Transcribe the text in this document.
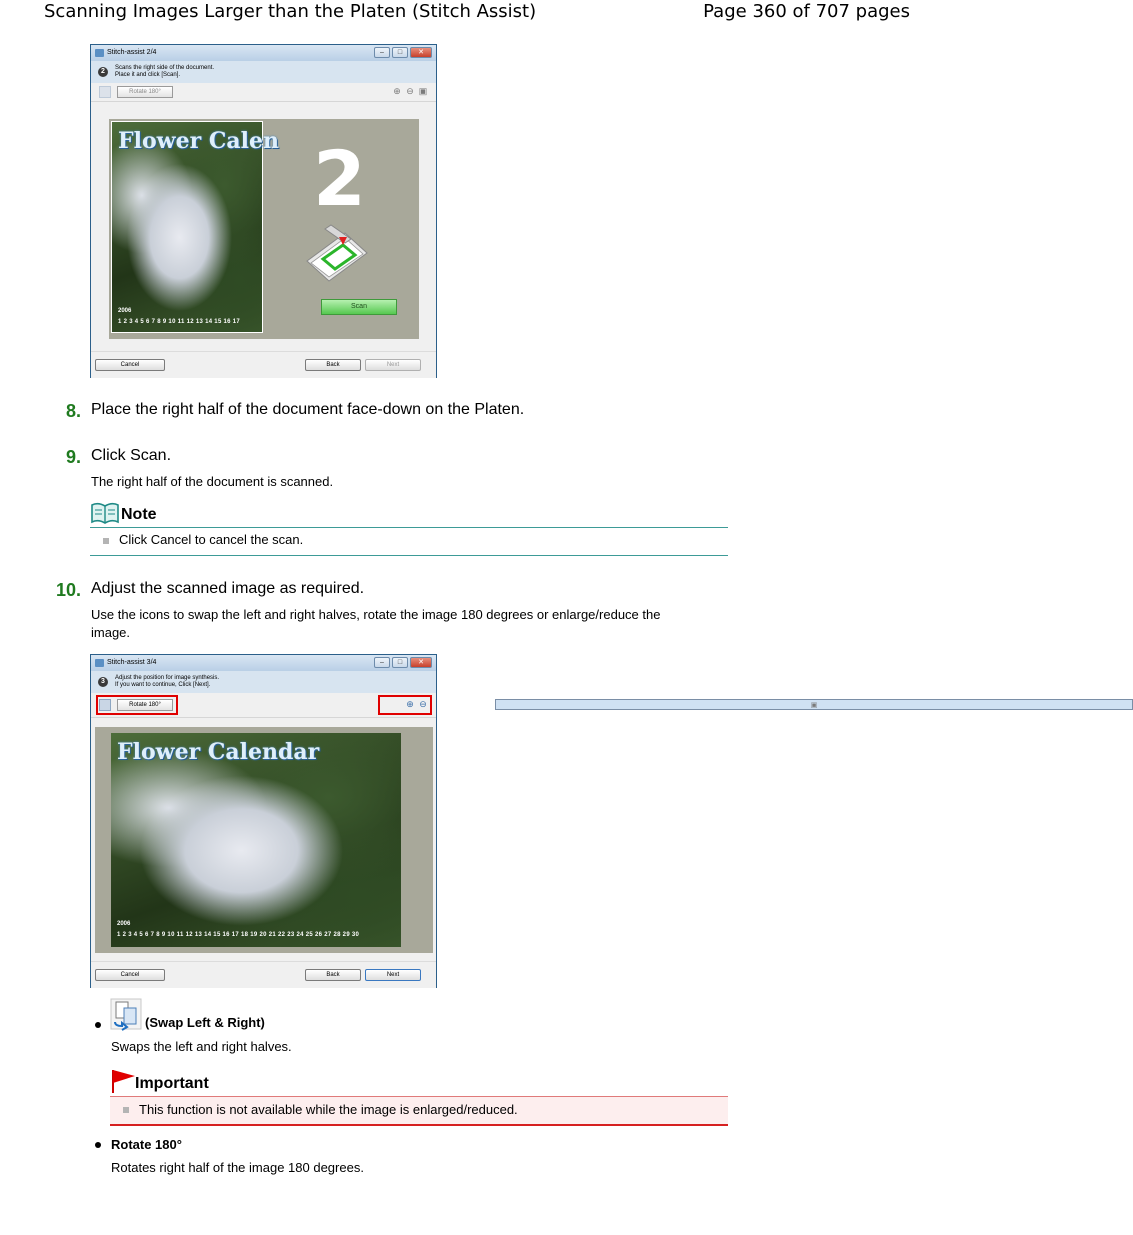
Scanning Images Larger than the Platen (Stitch Assist)	Page 360 of 707 pages
Stitch-assist 2/4	–	□	✕
2	Scans the right side of the document.
Place it and click [Scan].
Rotate 180°	⊕ ⊖ ▣
Flower Calen
2006
1 2 3 4 5 6 7 8 9 10 11 12 13 14 15 16 17
2
Scan
Cancel	Back	Next
8. Place the right half of the document face-down on the Platen.
9. Click Scan.
The right half of the document is scanned.
Note
Click Cancel to cancel the scan.
10. Adjust the scanned image as required.
Use the icons to swap the left and right halves, rotate the image 180 degrees or enlarge/reduce the
image.
Stitch-assist 3/4	–	□	✕
3	Adjust the position for image synthesis.
If you want to continue, Click [Next].
Rotate 180°	⊕ ⊖	▣
Flower Calendar
2006
1 2 3 4 5 6 7 8 9 10 11 12 13 14 15 16 17 18 19 20 21 22 23 24 25 26 27 28 29 30
Cancel	Back	Next
(Swap Left & Right)
Swaps the left and right halves.
Important
This function is not available while the image is enlarged/reduced.
Rotate 180°
Rotates right half of the image 180 degrees.
